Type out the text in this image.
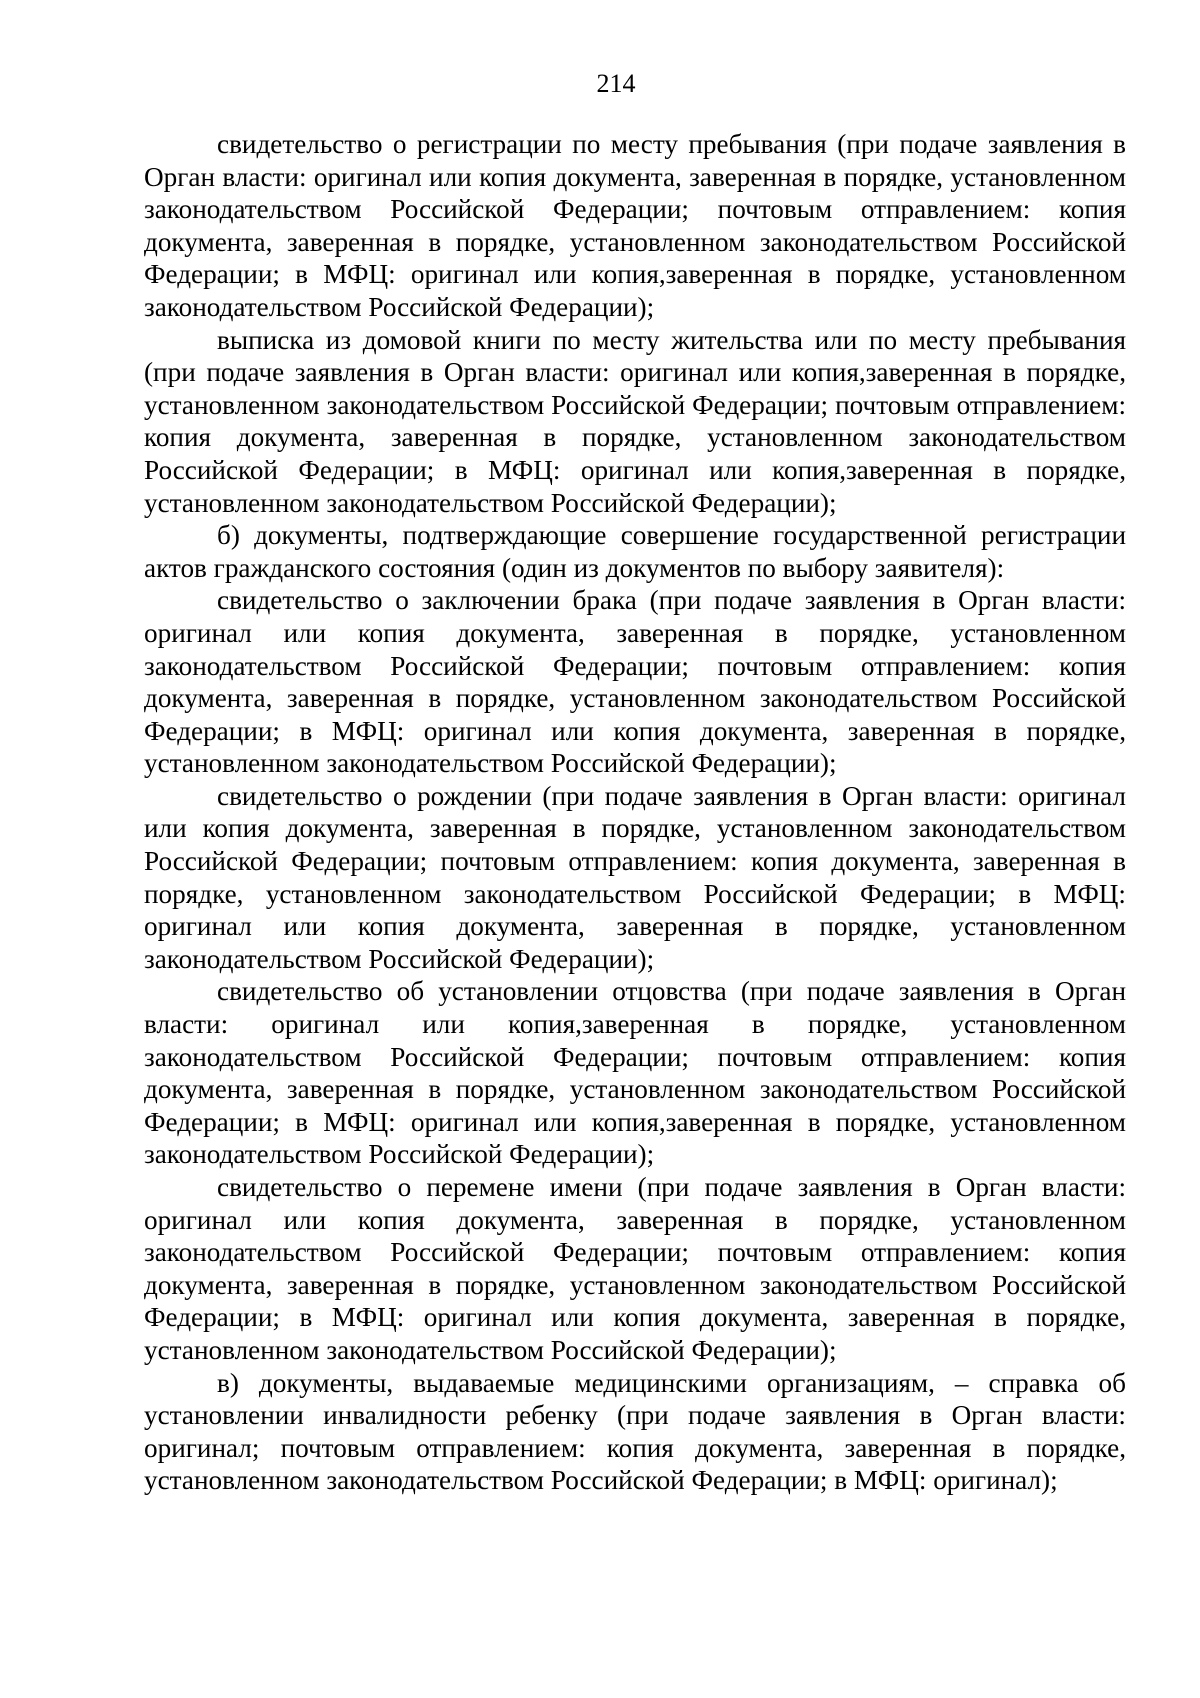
214

свидетельство о регистрации по месту пребывания (при подаче заявления в Орган власти: оригинал или копия документа, заверенная в порядке, установленном законодательством Российской Федерации; почтовым отправлением: копия документа, заверенная в порядке, установленном законодательством Российской Федерации; в МФЦ: оригинал или копия,заверенная в порядке, установленном законодательством Российской Федерации);

выписка из домовой книги по месту жительства или по месту пребывания (при подаче заявления в Орган власти: оригинал или копия,заверенная в порядке, установленном законодательством Российской Федерации; почтовым отправлением: копия документа, заверенная в порядке, установленном законодательством Российской Федерации; в МФЦ: оригинал или копия,заверенная в порядке, установленном законодательством Российской Федерации);

б) документы, подтверждающие совершение государственной регистрации актов гражданского состояния (один из документов по выбору заявителя):

свидетельство о заключении брака (при подаче заявления в Орган власти: оригинал или копия документа, заверенная в порядке, установленном законодательством Российской Федерации; почтовым отправлением: копия документа, заверенная в порядке, установленном законодательством Российской Федерации; в МФЦ: оригинал или копия документа, заверенная в порядке, установленном законодательством Российской Федерации);

свидетельство о рождении (при подаче заявления в Орган власти: оригинал или копия документа, заверенная в порядке, установленном законодательством Российской Федерации; почтовым отправлением: копия документа, заверенная в порядке, установленном законодательством Российской Федерации; в МФЦ: оригинал или копия документа, заверенная в порядке, установленном законодательством Российской Федерации);

свидетельство об установлении отцовства (при подаче заявления в Орган власти: оригинал или копия,заверенная в порядке, установленном законодательством Российской Федерации; почтовым отправлением: копия документа, заверенная в порядке, установленном законодательством Российской Федерации; в МФЦ: оригинал или копия,заверенная в порядке, установленном законодательством Российской Федерации);

свидетельство о перемене имени (при подаче заявления в Орган власти: оригинал или копия документа, заверенная в порядке, установленном законодательством Российской Федерации; почтовым отправлением: копия документа, заверенная в порядке, установленном законодательством Российской Федерации; в МФЦ: оригинал или копия документа, заверенная в порядке, установленном законодательством Российской Федерации);

в) документы, выдаваемые медицинскими организациям, – справка об установлении инвалидности ребенку (при подаче заявления в Орган власти: оригинал; почтовым отправлением: копия документа, заверенная в порядке, установленном законодательством Российской Федерации; в МФЦ: оригинал);
